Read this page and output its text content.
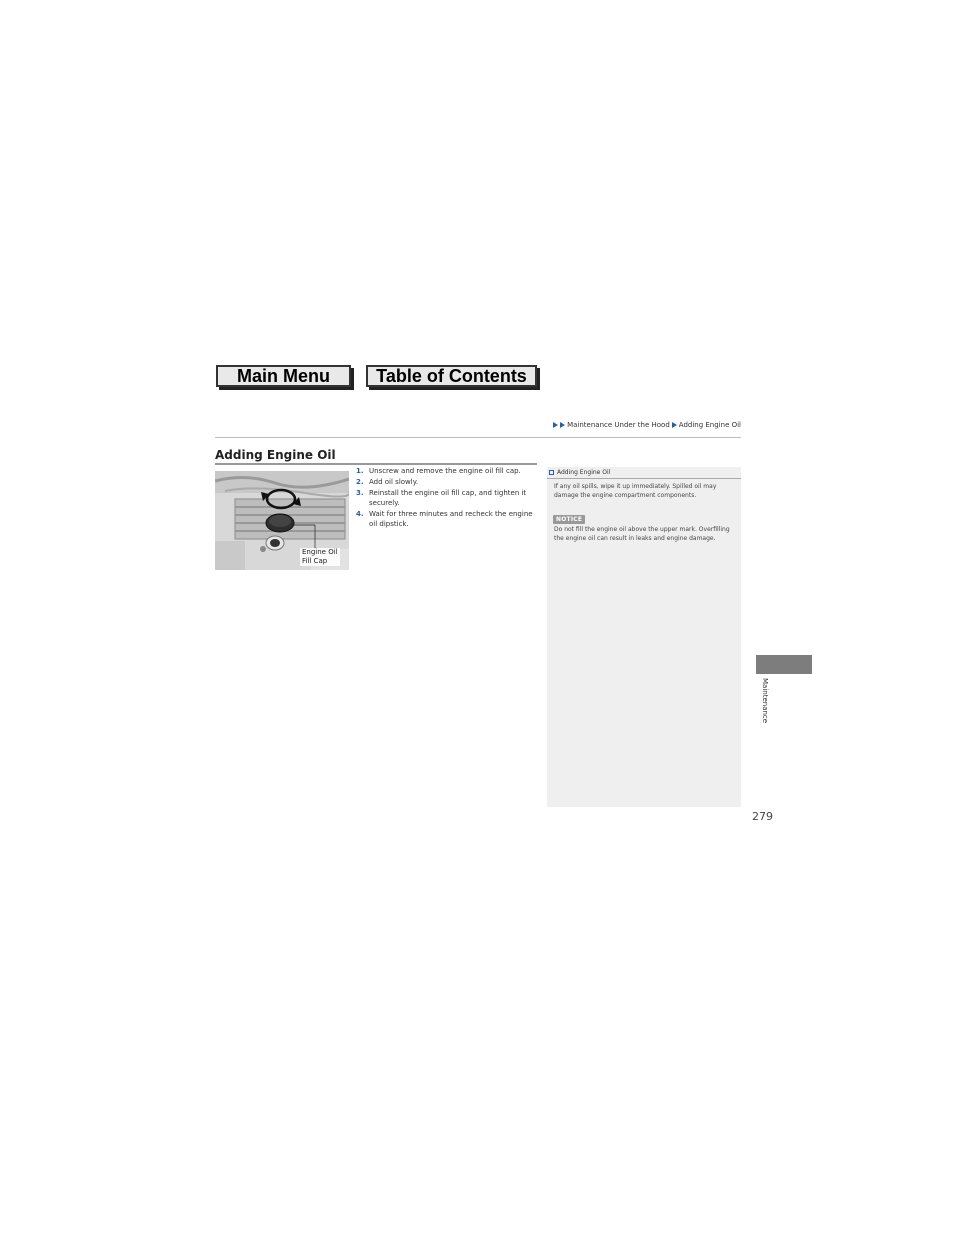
Main Menu	Table of Contents
Maintenance Under the Hood Adding Engine Oil
Adding Engine Oil
Engine Oil
Fill Cap
1. Unscrew and remove the engine oil fill cap.
2. Add oil slowly.
3. Reinstall the engine oil fill cap, and tighten it securely.
4. Wait for three minutes and recheck the engine oil dipstick.
Adding Engine Oil

If any oil spills, wipe it up immediately. Spilled oil may damage the engine compartment components.

NOTICE

Do not fill the engine oil above the upper mark. Overfilling the engine oil can result in leaks and engine damage.

Maintenance
279
